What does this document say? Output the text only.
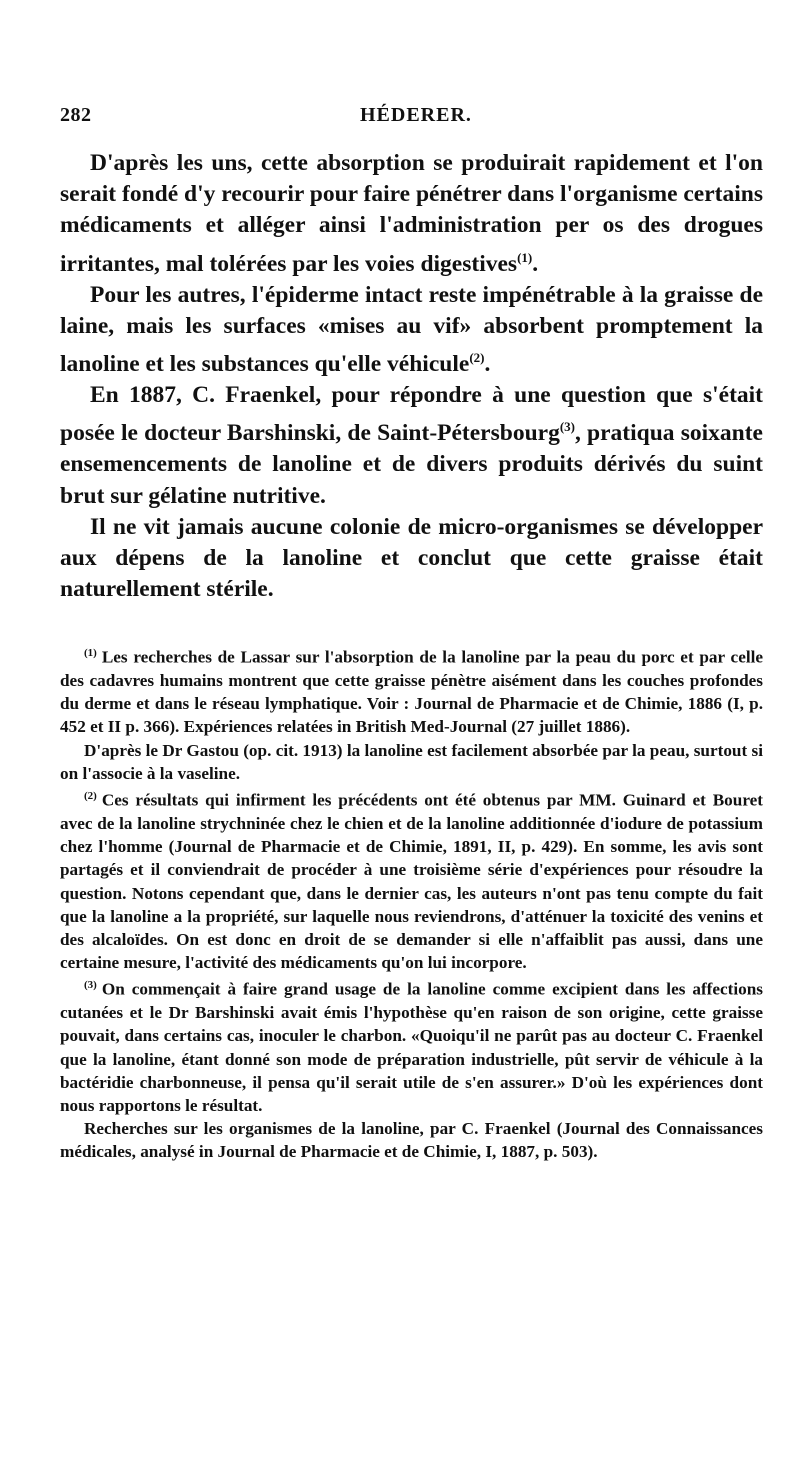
282	HÉDERER.

D'après les uns, cette absorption se produirait rapidement et l'on serait fondé d'y recourir pour faire pénétrer dans l'organisme certains médicaments et alléger ainsi l'administration per os des drogues irritantes, mal tolérées par les voies digestives$^{(1)}$.

Pour les autres, l'épiderme intact reste impénétrable à la graisse de laine, mais les surfaces «mises au vif» absorbent promptement la lanoline et les substances qu'elle véhicule$^{(2)}$.

En 1887, C. Fraenkel, pour répondre à une question que s'était posée le docteur Barshinski, de Saint-Pétersbourg$^{(3)}$, pratiqua soixante ensemencements de lanoline et de divers produits dérivés du suint brut sur gélatine nutritive.

Il ne vit jamais aucune colonie de micro-organismes se développer aux dépens de la lanoline et conclut que cette graisse était naturellement stérile.

$^{(1)}$ Les recherches de Lassar sur l'absorption de la lanoline par la peau du porc et par celle des cadavres humains montrent que cette graisse pénètre aisément dans les couches profondes du derme et dans le réseau lymphatique. Voir : Journal de Pharmacie et de Chimie, 1886 (I, p. 452 et II p. 366). Expériences relatées in British Med-Journal (27 juillet 1886).

D'après le Dr Gastou (op. cit. 1913) la lanoline est facilement absorbée par la peau, surtout si on l'associe à la vaseline.

$^{(2)}$ Ces résultats qui infirment les précédents ont été obtenus par MM. Guinard et Bouret avec de la lanoline strychninée chez le chien et de la lanoline additionnée d'iodure de potassium chez l'homme (Journal de Pharmacie et de Chimie, 1891, II, p. 429). En somme, les avis sont partagés et il conviendrait de procéder à une troisième série d'expériences pour résoudre la question. Notons cependant que, dans le dernier cas, les auteurs n'ont pas tenu compte du fait que la lanoline a la propriété, sur laquelle nous reviendrons, d'atténuer la toxicité des venins et des alcaloïdes. On est donc en droit de se demander si elle n'affaiblit pas aussi, dans une certaine mesure, l'activité des médicaments qu'on lui incorpore.

$^{(3)}$ On commençait à faire grand usage de la lanoline comme excipient dans les affections cutanées et le Dr Barshinski avait émis l'hypothèse qu'en raison de son origine, cette graisse pouvait, dans certains cas, inoculer le charbon. «Quoiqu'il ne parût pas au docteur C. Fraenkel que la lanoline, étant donné son mode de préparation industrielle, pût servir de véhicule à la bactéridie charbonneuse, il pensa qu'il serait utile de s'en assurer.» D'où les expériences dont nous rapportons le résultat.

Recherches sur les organismes de la lanoline, par C. Fraenkel (Journal des Connaissances médicales, analysé in Journal de Pharmacie et de Chimie, I, 1887, p. 503).
